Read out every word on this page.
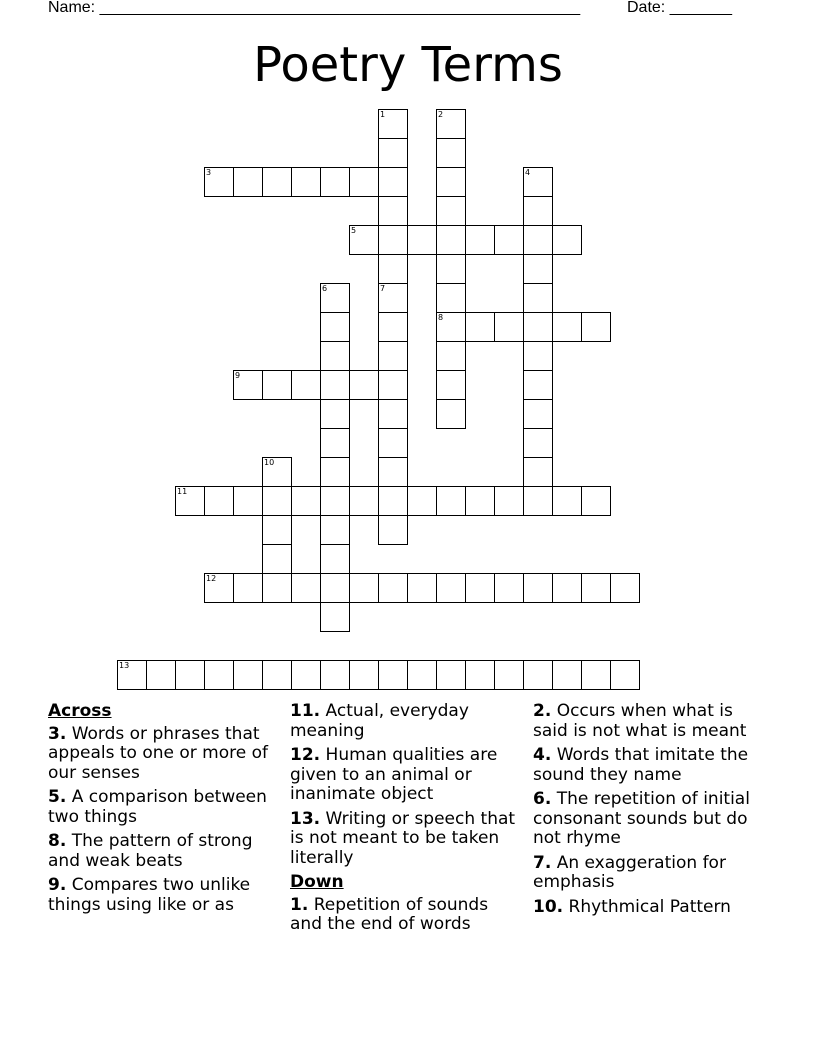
Name: ______________________________________________________	Date: _______
Poetry Terms
1
7
2
8
3	4
5
6
9
10
11
12
13
Across
3. Words or phrases that appeals to one or more of our senses
5. A comparison between two things
8. The pattern of strong and weak beats
9. Compares two unlike things using like or as
11. Actual, everyday meaning
12. Human qualities are given to an animal or inanimate object
13. Writing or speech that is not meant to be taken literally
Down
1. Repetition of sounds and the end of words
2. Occurs when what is said is not what is meant
4. Words that imitate the sound they name
6. The repetition of initial consonant sounds but do not rhyme
7. An exaggeration for emphasis
10. Rhythmical Pattern
